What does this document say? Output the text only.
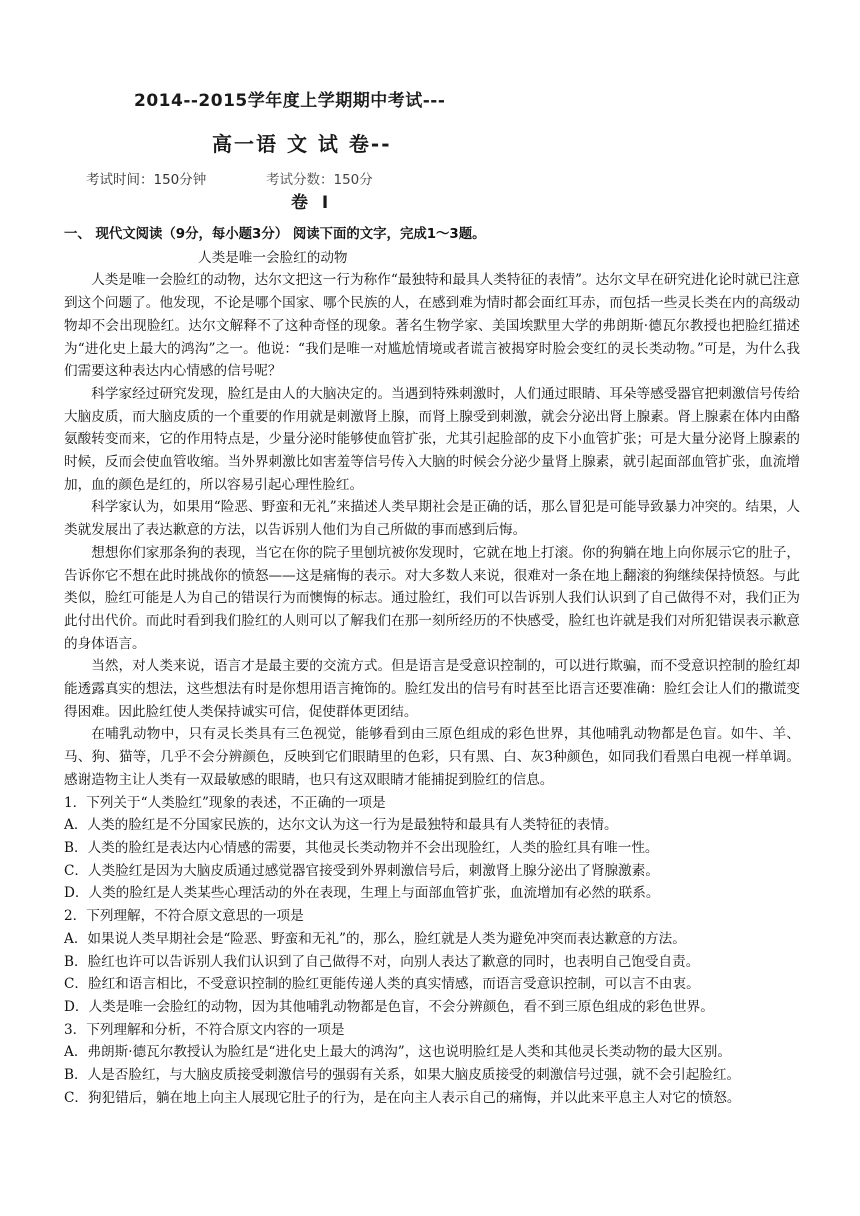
2014--2015学年度上学期期中考试---
高一语 文 试 卷--
考试时间：150分钟	考试分数：150分
卷 Ⅰ

一、 现代文阅读（9分，每小题3分） 阅读下面的文字，完成1～3题。

人类是唯一会脸红的动物

人类是唯一会脸红的动物，达尔文把这一行为称作“最独特和最具人类特征的表情”。达尔文早在研究进化论时就已注意到这个问题了。他发现，不论是哪个国家、哪个民族的人，在感到难为情时都会面红耳赤，而包括一些灵长类在内的高级动物却不会出现脸红。达尔文解释不了这种奇怪的现象。著名生物学家、美国埃默里大学的弗朗斯·德瓦尔教授也把脸红描述为“进化史上最大的鸿沟”之一。他说：“我们是唯一对尴尬情境或者谎言被揭穿时脸会变红的灵长类动物。”可是，为什么我们需要这种表达内心情感的信号呢？

科学家经过研究发现，脸红是由人的大脑决定的。当遇到特殊刺激时，人们通过眼睛、耳朵等感受器官把刺激信号传给大脑皮质，而大脑皮质的一个重要的作用就是刺激肾上腺，而肾上腺受到刺激，就会分泌出肾上腺素。肾上腺素在体内由酪氨酸转变而来，它的作用特点是，少量分泌时能够使血管扩张，尤其引起脸部的皮下小血管扩张；可是大量分泌肾上腺素的时候，反而会使血管收缩。当外界刺激比如害羞等信号传入大脑的时候会分泌少量肾上腺素，就引起面部血管扩张，血流增加，血的颜色是红的，所以容易引起心理性脸红。

科学家认为，如果用“险恶、野蛮和无礼”来描述人类早期社会是正确的话，那么冒犯是可能导致暴力冲突的。结果，人类就发展出了表达歉意的方法，以告诉别人他们为自己所做的事而感到后悔。

想想你们家那条狗的表现，当它在你的院子里刨坑被你发现时，它就在地上打滚。你的狗躺在地上向你展示它的肚子，告诉你它不想在此时挑战你的愤怒——这是痛悔的表示。对大多数人来说，很难对一条在地上翻滚的狗继续保持愤怒。与此类似，脸红可能是人为自己的错误行为而懊悔的标志。通过脸红，我们可以告诉别人我们认识到了自己做得不对，我们正为此付出代价。而此时看到我们脸红的人则可以了解我们在那一刻所经历的不快感受，脸红也许就是我们对所犯错误表示歉意的身体语言。

当然，对人类来说，语言才是最主要的交流方式。但是语言是受意识控制的，可以进行欺骗，而不受意识控制的脸红却能透露真实的想法，这些想法有时是你想用语言掩饰的。脸红发出的信号有时甚至比语言还要准确：脸红会让人们的撒谎变得困难。因此脸红使人类保持诚实可信，促使群体更团结。

在哺乳动物中，只有灵长类具有三色视觉，能够看到由三原色组成的彩色世界，其他哺乳动物都是色盲。如牛、羊、马、狗、猫等，几乎不会分辨颜色，反映到它们眼睛里的色彩，只有黑、白、灰3种颜色，如同我们看黑白电视一样单调。感谢造物主让人类有一双最敏感的眼睛，也只有这双眼睛才能捕捉到脸红的信息。

1．下列关于“人类脸红”现象的表述，不正确的一项是

A．人类的脸红是不分国家民族的，达尔文认为这一行为是最独特和最具有人类特征的表情。

B．人类的脸红是表达内心情感的需要，其他灵长类动物并不会出现脸红，人类的脸红具有唯一性。

C．人类脸红是因为大脑皮质通过感觉器官接受到外界刺激信号后，刺激肾上腺分泌出了肾腺激素。

D．人类的脸红是人类某些心理活动的外在表现，生理上与面部血管扩张，血流增加有必然的联系。

2．下列理解，不符合原文意思的一项是

A．如果说人类早期社会是“险恶、野蛮和无礼”的，那么，脸红就是人类为避免冲突而表达歉意的方法。

B．脸红也许可以告诉别人我们认识到了自己做得不对，向别人表达了歉意的同时，也表明自己饱受自责。

C．脸红和语言相比，不受意识控制的脸红更能传递人类的真实情感，而语言受意识控制，可以言不由衷。

D．人类是唯一会脸红的动物，因为其他哺乳动物都是色盲，不会分辨颜色，看不到三原色组成的彩色世界。

3．下列理解和分析，不符合原文内容的一项是

A．弗朗斯·德瓦尔教授认为脸红是“进化史上最大的鸿沟”，这也说明脸红是人类和其他灵长类动物的最大区别。

B．人是否脸红，与大脑皮质接受刺激信号的强弱有关系，如果大脑皮质接受的刺激信号过强，就不会引起脸红。

C．狗犯错后，躺在地上向主人展现它肚子的行为，是在向主人表示自己的痛悔，并以此来平息主人对它的愤怒。
